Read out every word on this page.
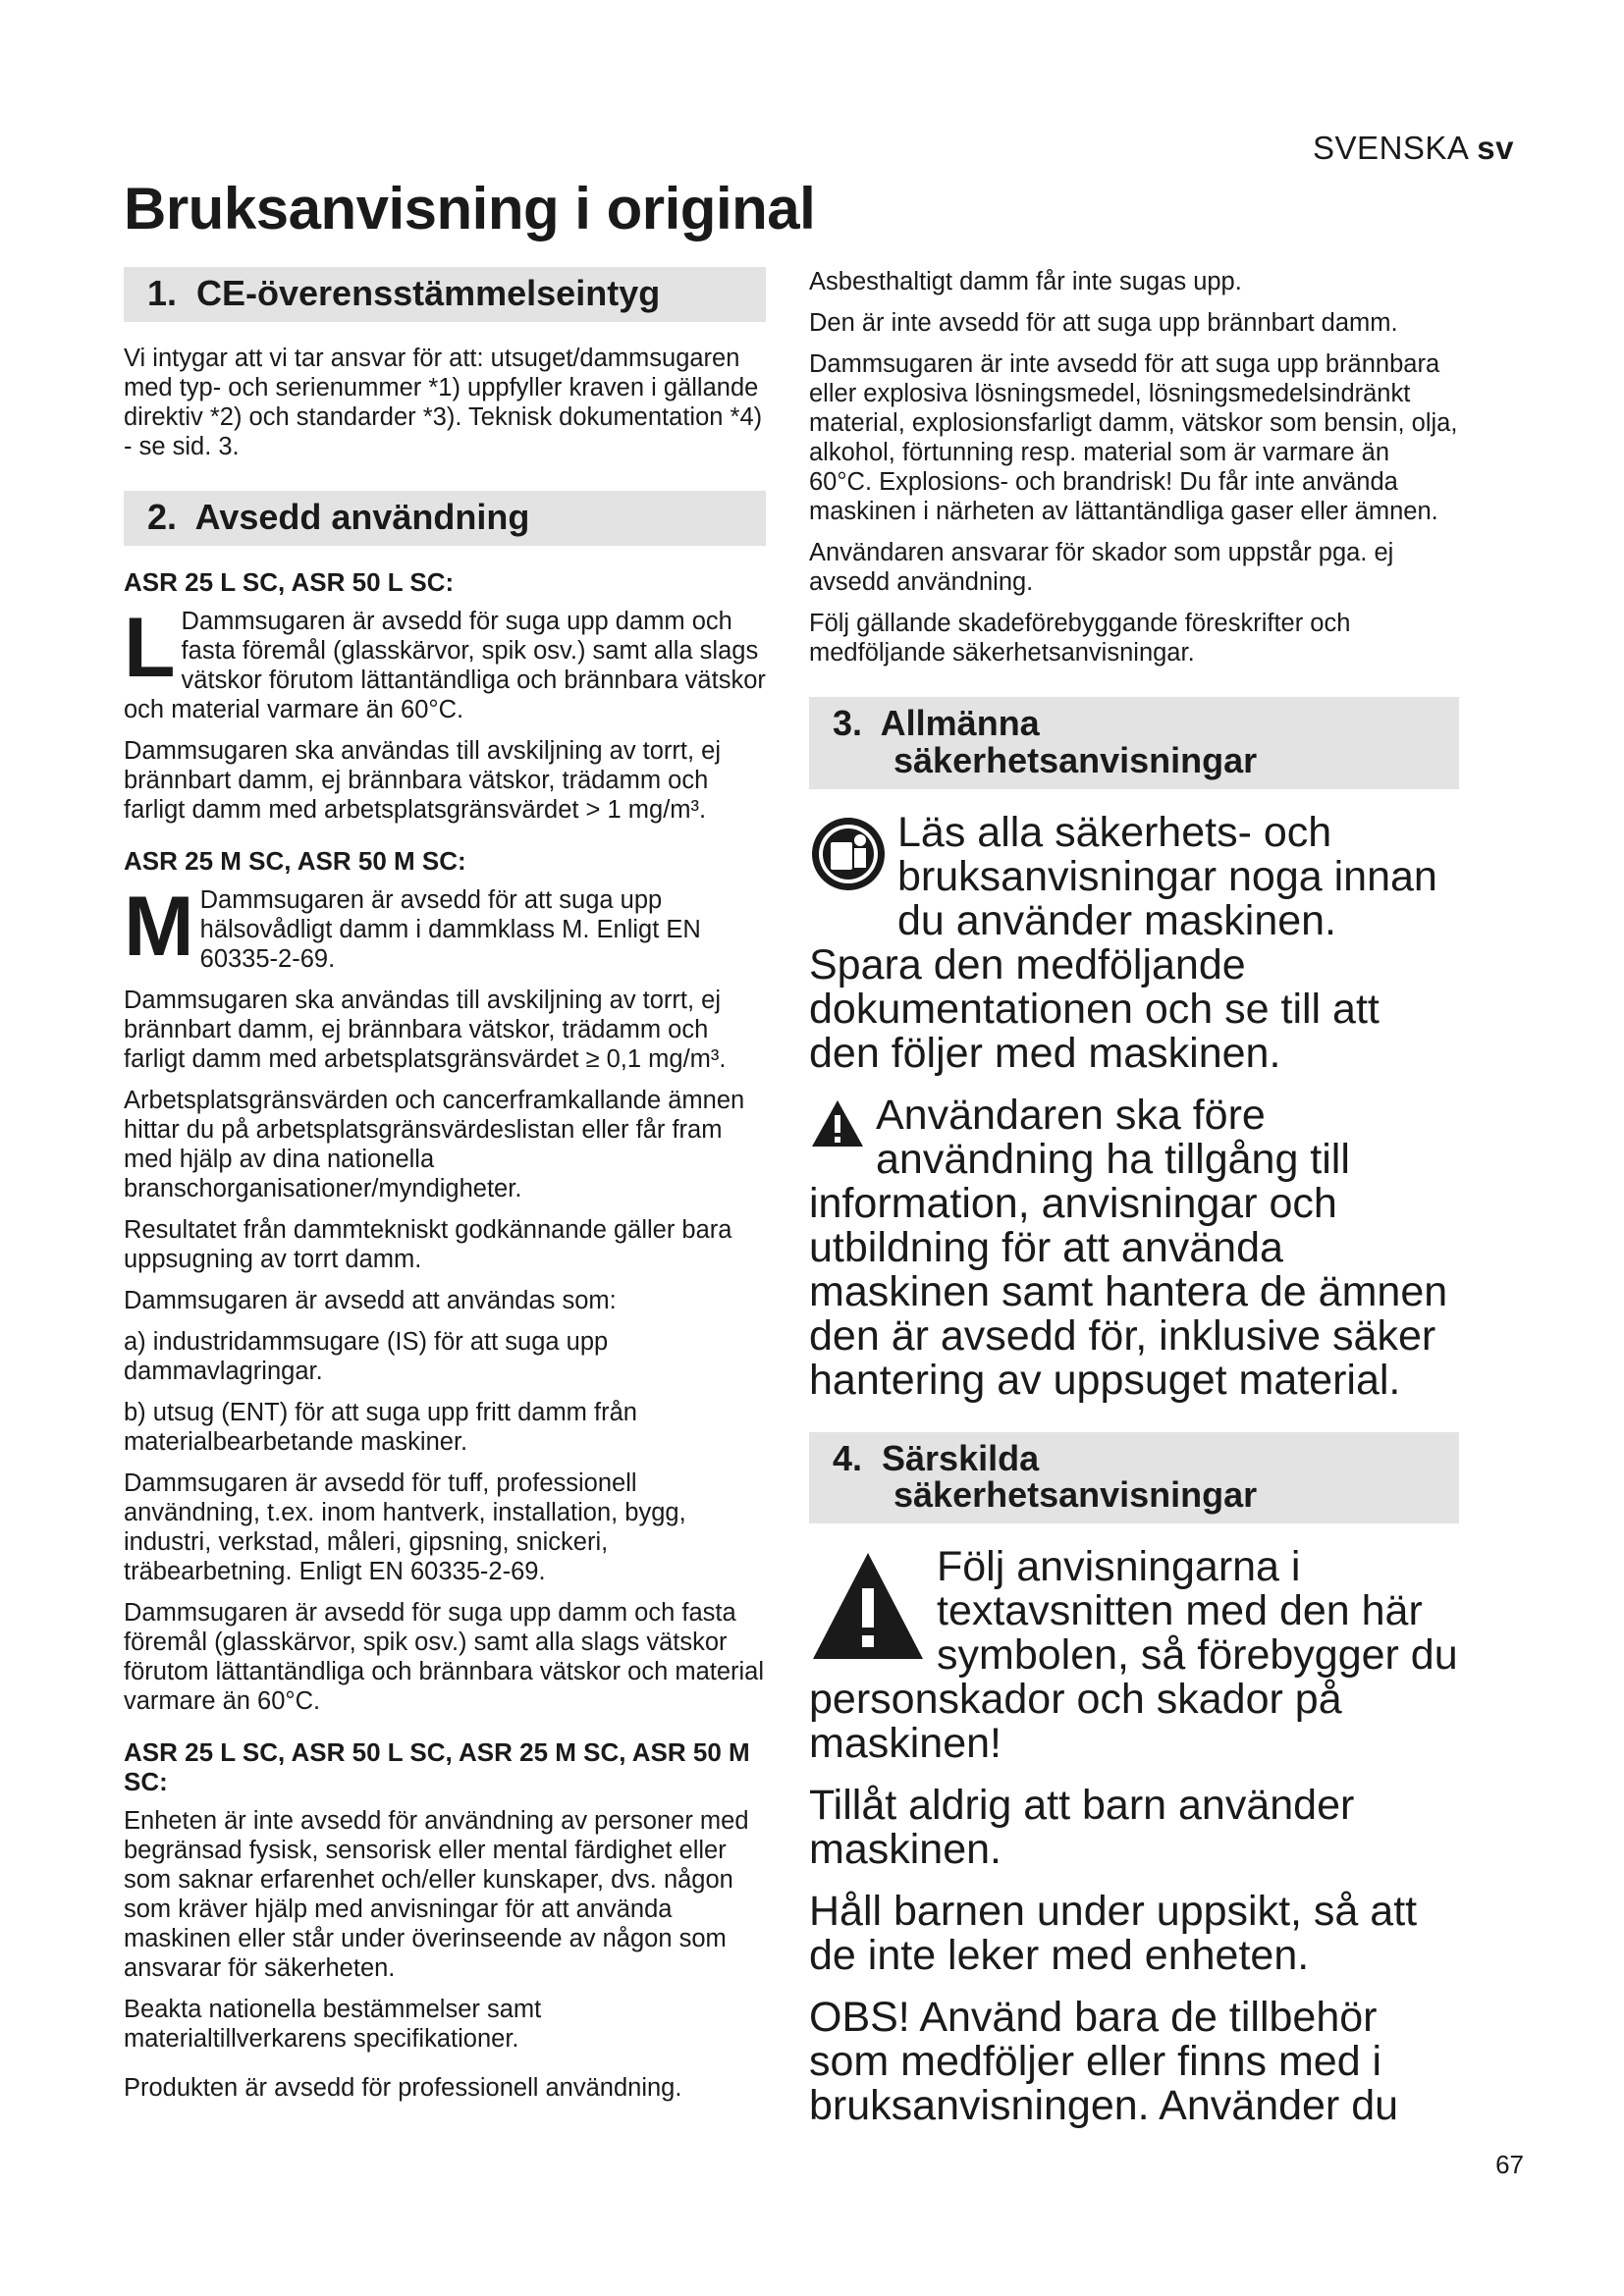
SVENSKA sv
Bruksanvisning i original
1. CE-överensstämmelseintyg

Vi intygar att vi tar ansvar för att: utsuget/dammsugaren med typ- och serienummer *1) uppfyller kraven i gällande direktiv *2) och standarder *3). Teknisk dokumentation *4) - se sid. 3.

2. Avsedd användning
ASR 25 L SC, ASR 50 L SC:

L Dammsugaren är avsedd för suga upp damm och fasta föremål (glasskärvor, spik osv.) samt alla slags vätskor förutom lättantändliga och brännbara vätskor och material varmare än 60°C.

Dammsugaren ska användas till avskiljning av torrt, ej brännbart damm, ej brännbara vätskor, trädamm och farligt damm med arbetsplatsgränsvärdet > 1 mg/m³.

ASR 25 M SC, ASR 50 M SC:

M Dammsugaren är avsedd för att suga upp hälsovådligt damm i dammklass M. Enligt EN 60335-2-69.

Dammsugaren ska användas till avskiljning av torrt, ej brännbart damm, ej brännbara vätskor, trädamm och farligt damm med arbetsplatsgränsvärdet ≥ 0,1 mg/m³.

Arbetsplatsgränsvärden och cancerframkallande ämnen hittar du på arbetsplatsgränsvärdeslistan eller får fram med hjälp av dina nationella branschorganisationer/myndigheter.

Resultatet från dammtekniskt godkännande gäller bara uppsugning av torrt damm.

Dammsugaren är avsedd att användas som:

a) industridammsugare (IS) för att suga upp dammavlagringar.

b) utsug (ENT) för att suga upp fritt damm från materialbearbetande maskiner.

Dammsugaren är avsedd för tuff, professionell användning, t.ex. inom hantverk, installation, bygg, industri, verkstad, måleri, gipsning, snickeri, träbearbetning. Enligt EN 60335-2-69.

Dammsugaren är avsedd för suga upp damm och fasta föremål (glasskärvor, spik osv.) samt alla slags vätskor förutom lättantändliga och brännbara vätskor och material varmare än 60°C.

ASR 25 L SC, ASR 50 L SC, ASR 25 M SC, ASR 50 M SC:

Enheten är inte avsedd för användning av personer med begränsad fysisk, sensorisk eller mental färdighet eller som saknar erfarenhet och/eller kunskaper, dvs. någon som kräver hjälp med anvisningar för att använda maskinen eller står under överinseende av någon som ansvarar för säkerheten.

Beakta nationella bestämmelser samt materialtillverkarens specifikationer.

Produkten är avsedd för professionell användning.

Asbesthaltigt damm får inte sugas upp.

Den är inte avsedd för att suga upp brännbart damm.

Dammsugaren är inte avsedd för att suga upp brännbara eller explosiva lösningsmedel, lösningsmedelsindränkt material, explosionsfarligt damm, vätskor som bensin, olja, alkohol, förtunning resp. material som är varmare än 60°C. Explosions- och brandrisk! Du får inte använda maskinen i närheten av lättantändliga gaser eller ämnen.

Användaren ansvarar för skador som uppstår pga. ej avsedd användning.

Följ gällande skadeförebyggande föreskrifter och medföljande säkerhetsanvisningar.

3. Allmänna
säkerhetsanvisningar

Läs alla säkerhets- och bruksanvisningar noga innan du använder maskinen. Spara den medföljande dokumentationen och se till att den följer med maskinen.

Användaren ska före användning ha tillgång till information, anvisningar och utbildning för att använda maskinen samt hantera de ämnen den är avsedd för, inklusive säker hantering av uppsuget material.

4. Särskilda
säkerhetsanvisningar

Följ anvisningarna i textavsnitten med den här symbolen, så förebygger du personskador och skador på maskinen!

Tillåt aldrig att barn använder maskinen.

Håll barnen under uppsikt, så att de inte leker med enheten.

OBS! Använd bara de tillbehör som medföljer eller finns med i bruksanvisningen. Använder du

67
